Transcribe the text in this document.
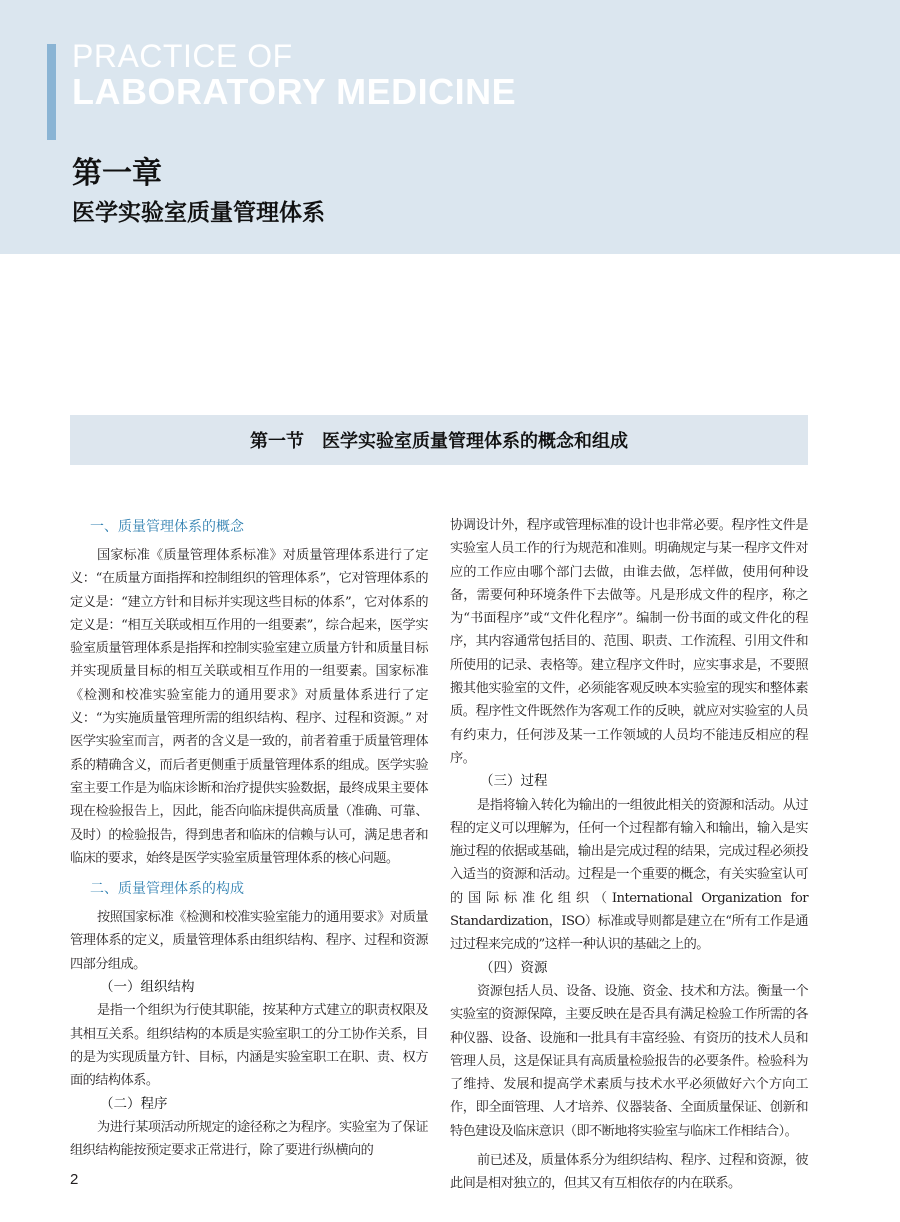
PRACTICE OF
LABORATORY MEDICINE
第一章
医学实验室质量管理体系
第一节　医学实验室质量管理体系的概念和组成
一、质量管理体系的概念

国家标准《质量管理体系标准》对质量管理体系进行了定义：“在质量方面指挥和控制组织的管理体系”，它对管理体系的定义是：“建立方针和目标并实现这些目标的体系”，它对体系的定义是：“相互关联或相互作用的一组要素”，综合起来，医学实验室质量管理体系是指挥和控制实验室建立质量方针和质量目标并实现质量目标的相互关联或相互作用的一组要素。国家标准《检测和校准实验室能力的通用要求》对质量体系进行了定义：“为实施质量管理所需的组织结构、程序、过程和资源。” 对医学实验室而言，两者的含义是一致的，前者着重于质量管理体系的精确含义，而后者更侧重于质量管理体系的组成。医学实验室主要工作是为临床诊断和治疗提供实验数据，最终成果主要体现在检验报告上，因此，能否向临床提供高质量（准确、可靠、及时）的检验报告，得到患者和临床的信赖与认可，满足患者和临床的要求，始终是医学实验室质量管理体系的核心问题。

二、质量管理体系的构成

按照国家标准《检测和校准实验室能力的通用要求》对质量管理体系的定义，质量管理体系由组织结构、程序、过程和资源四部分组成。

（一）组织结构

是指一个组织为行使其职能，按某种方式建立的职责权限及其相互关系。组织结构的本质是实验室职工的分工协作关系，目的是为实现质量方针、目标，内涵是实验室职工在职、责、权方面的结构体系。

（二）程序

为进行某项活动所规定的途径称之为程序。实验室为了保证组织结构能按预定要求正常进行，除了要进行纵横向的

协调设计外，程序或管理标准的设计也非常必要。程序性文件是实验室人员工作的行为规范和准则。明确规定与某一程序文件对应的工作应由哪个部门去做，由谁去做，怎样做，使用何种设备，需要何种环境条件下去做等。凡是形成文件的程序，称之为“书面程序”或“文件化程序”。编制一份书面的或文件化的程序，其内容通常包括目的、范围、职责、工作流程、引用文件和所使用的记录、表格等。建立程序文件时，应实事求是，不要照搬其他实验室的文件，必须能客观反映本实验室的现实和整体素质。程序性文件既然作为客观工作的反映，就应对实验室的人员有约束力，任何涉及某一工作领域的人员均不能违反相应的程序。

（三）过程

是指将输入转化为输出的一组彼此相关的资源和活动。从过程的定义可以理解为，任何一个过程都有输入和输出，输入是实施过程的依据或基础，输出是完成过程的结果，完成过程必须投入适当的资源和活动。过程是一个重要的概念，有关实验室认可的国际标准化组织（International Organization for Standardization，ISO）标准或导则都是建立在“所有工作是通过过程来完成的”这样一种认识的基础之上的。

（四）资源

资源包括人员、设备、设施、资金、技术和方法。衡量一个实验室的资源保障，主要反映在是否具有满足检验工作所需的各种仪器、设备、设施和一批具有丰富经验、有资历的技术人员和管理人员，这是保证具有高质量检验报告的必要条件。检验科为了维持、发展和提高学术素质与技术水平必须做好六个方向工作，即全面管理、人才培养、仪器装备、全面质量保证、创新和特色建设及临床意识（即不断地将实验室与临床工作相结合）。

前已述及，质量体系分为组织结构、程序、过程和资源，彼此间是相对独立的，但其又有互相依存的内在联系。

2
